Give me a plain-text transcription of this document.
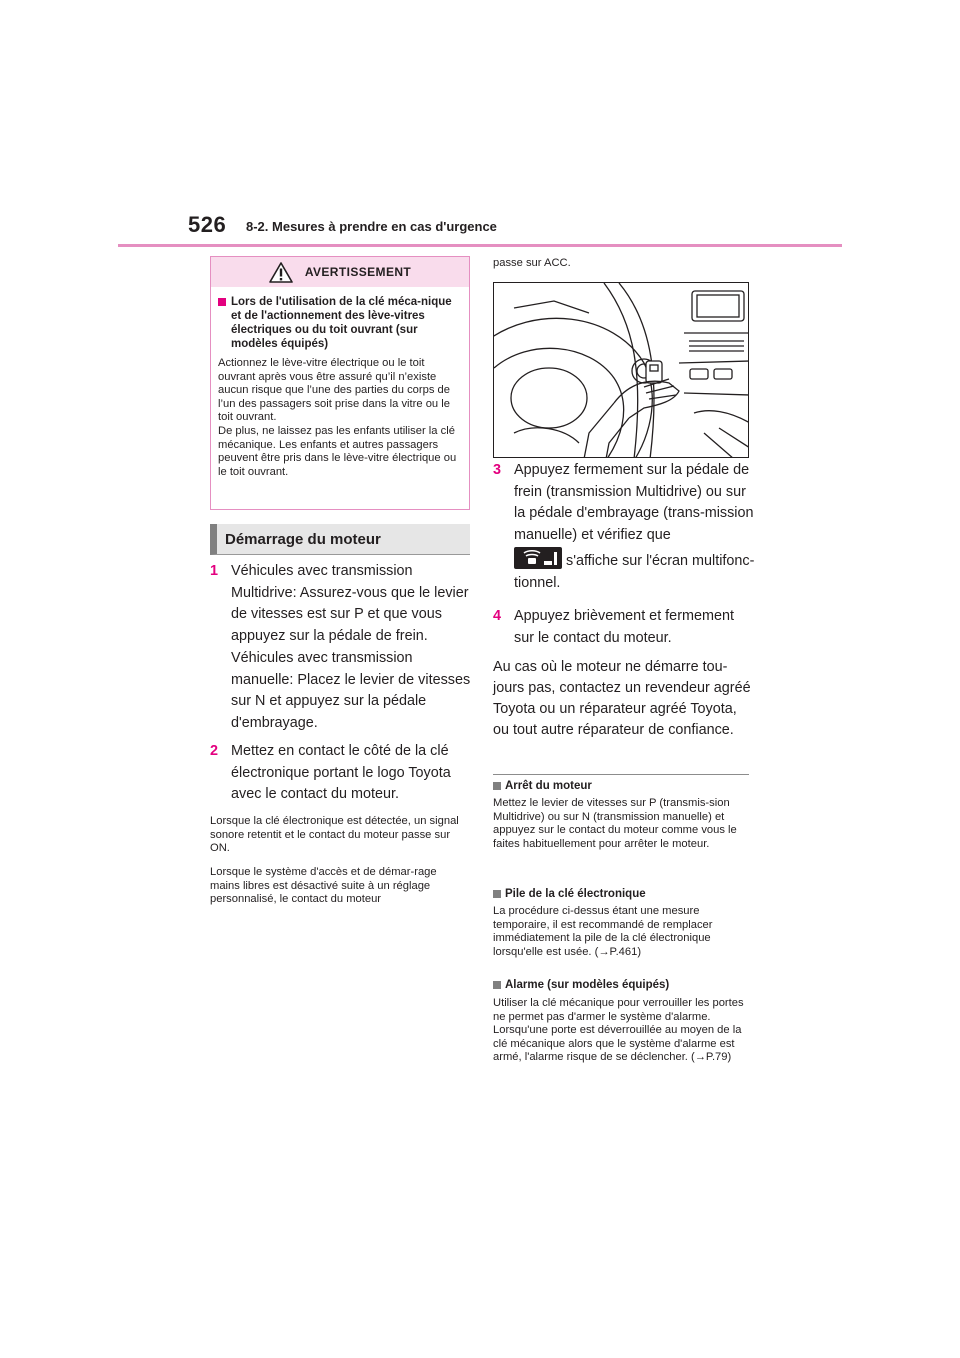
526 8-2. Mesures à prendre en cas d'urgence
AVERTISSEMENT
Lors de l'utilisation de la clé méca-nique et de l'actionnement des lève-vitres électriques ou du toit ouvrant (sur modèles équipés)
Actionnez le lève-vitre électrique ou le toit ouvrant après vous être assuré qu’il n’existe aucun risque que l’une des parties du corps de l’un des passagers soit prise dans la vitre ou le toit ouvrant.
De plus, ne laissez pas les enfants utiliser la clé mécanique. Les enfants et autres passagers peuvent être pris dans le lève-vitre électrique ou le toit ouvrant.
Démarrage du moteur
1 Véhicules avec transmission Multidrive: Assurez-vous que le levier de vitesses est sur P et que vous appuyez sur la pédale de frein. Véhicules avec transmission manuelle: Placez le levier de vitesses sur N et appuyez sur la pédale d'embrayage.
2 Mettez en contact le côté de la clé électronique portant le logo Toyota avec le contact du moteur.
Lorsque la clé électronique est détectée, un signal sonore retentit et le contact du moteur passe sur ON.
Lorsque le système d'accès et de démar-rage mains libres est désactivé suite à un réglage personnalisé, le contact du moteur
passe sur ACC.
3 Appuyez fermement sur la pédale de frein (transmission Multidrive) ou sur la pédale d'embrayage (trans-mission manuelle) et vérifiez que
s'affiche sur l'écran multifonc-tionnel.
4 Appuyez brièvement et fermement sur le contact du moteur.
Au cas où le moteur ne démarre tou-jours pas, contactez un revendeur agréé Toyota ou un réparateur agréé Toyota, ou tout autre réparateur de confiance.
Arrêt du moteur
Mettez le levier de vitesses sur P (transmis-sion Multidrive) ou sur N (transmission manuelle) et appuyez sur le contact du moteur comme vous le faites habituellement pour arrêter le moteur.
Pile de la clé électronique
La procédure ci-dessus étant une mesure temporaire, il est recommandé de remplacer immédiatement la pile de la clé électronique lorsqu'elle est usée. (→P.461)
Alarme (sur modèles équipés)
Utiliser la clé mécanique pour verrouiller les portes ne permet pas d'armer le système d'alarme.
Lorsqu'une porte est déverrouillée au moyen de la clé mécanique alors que le système d'alarme est armé, l'alarme risque de se déclencher. (→P.79)
